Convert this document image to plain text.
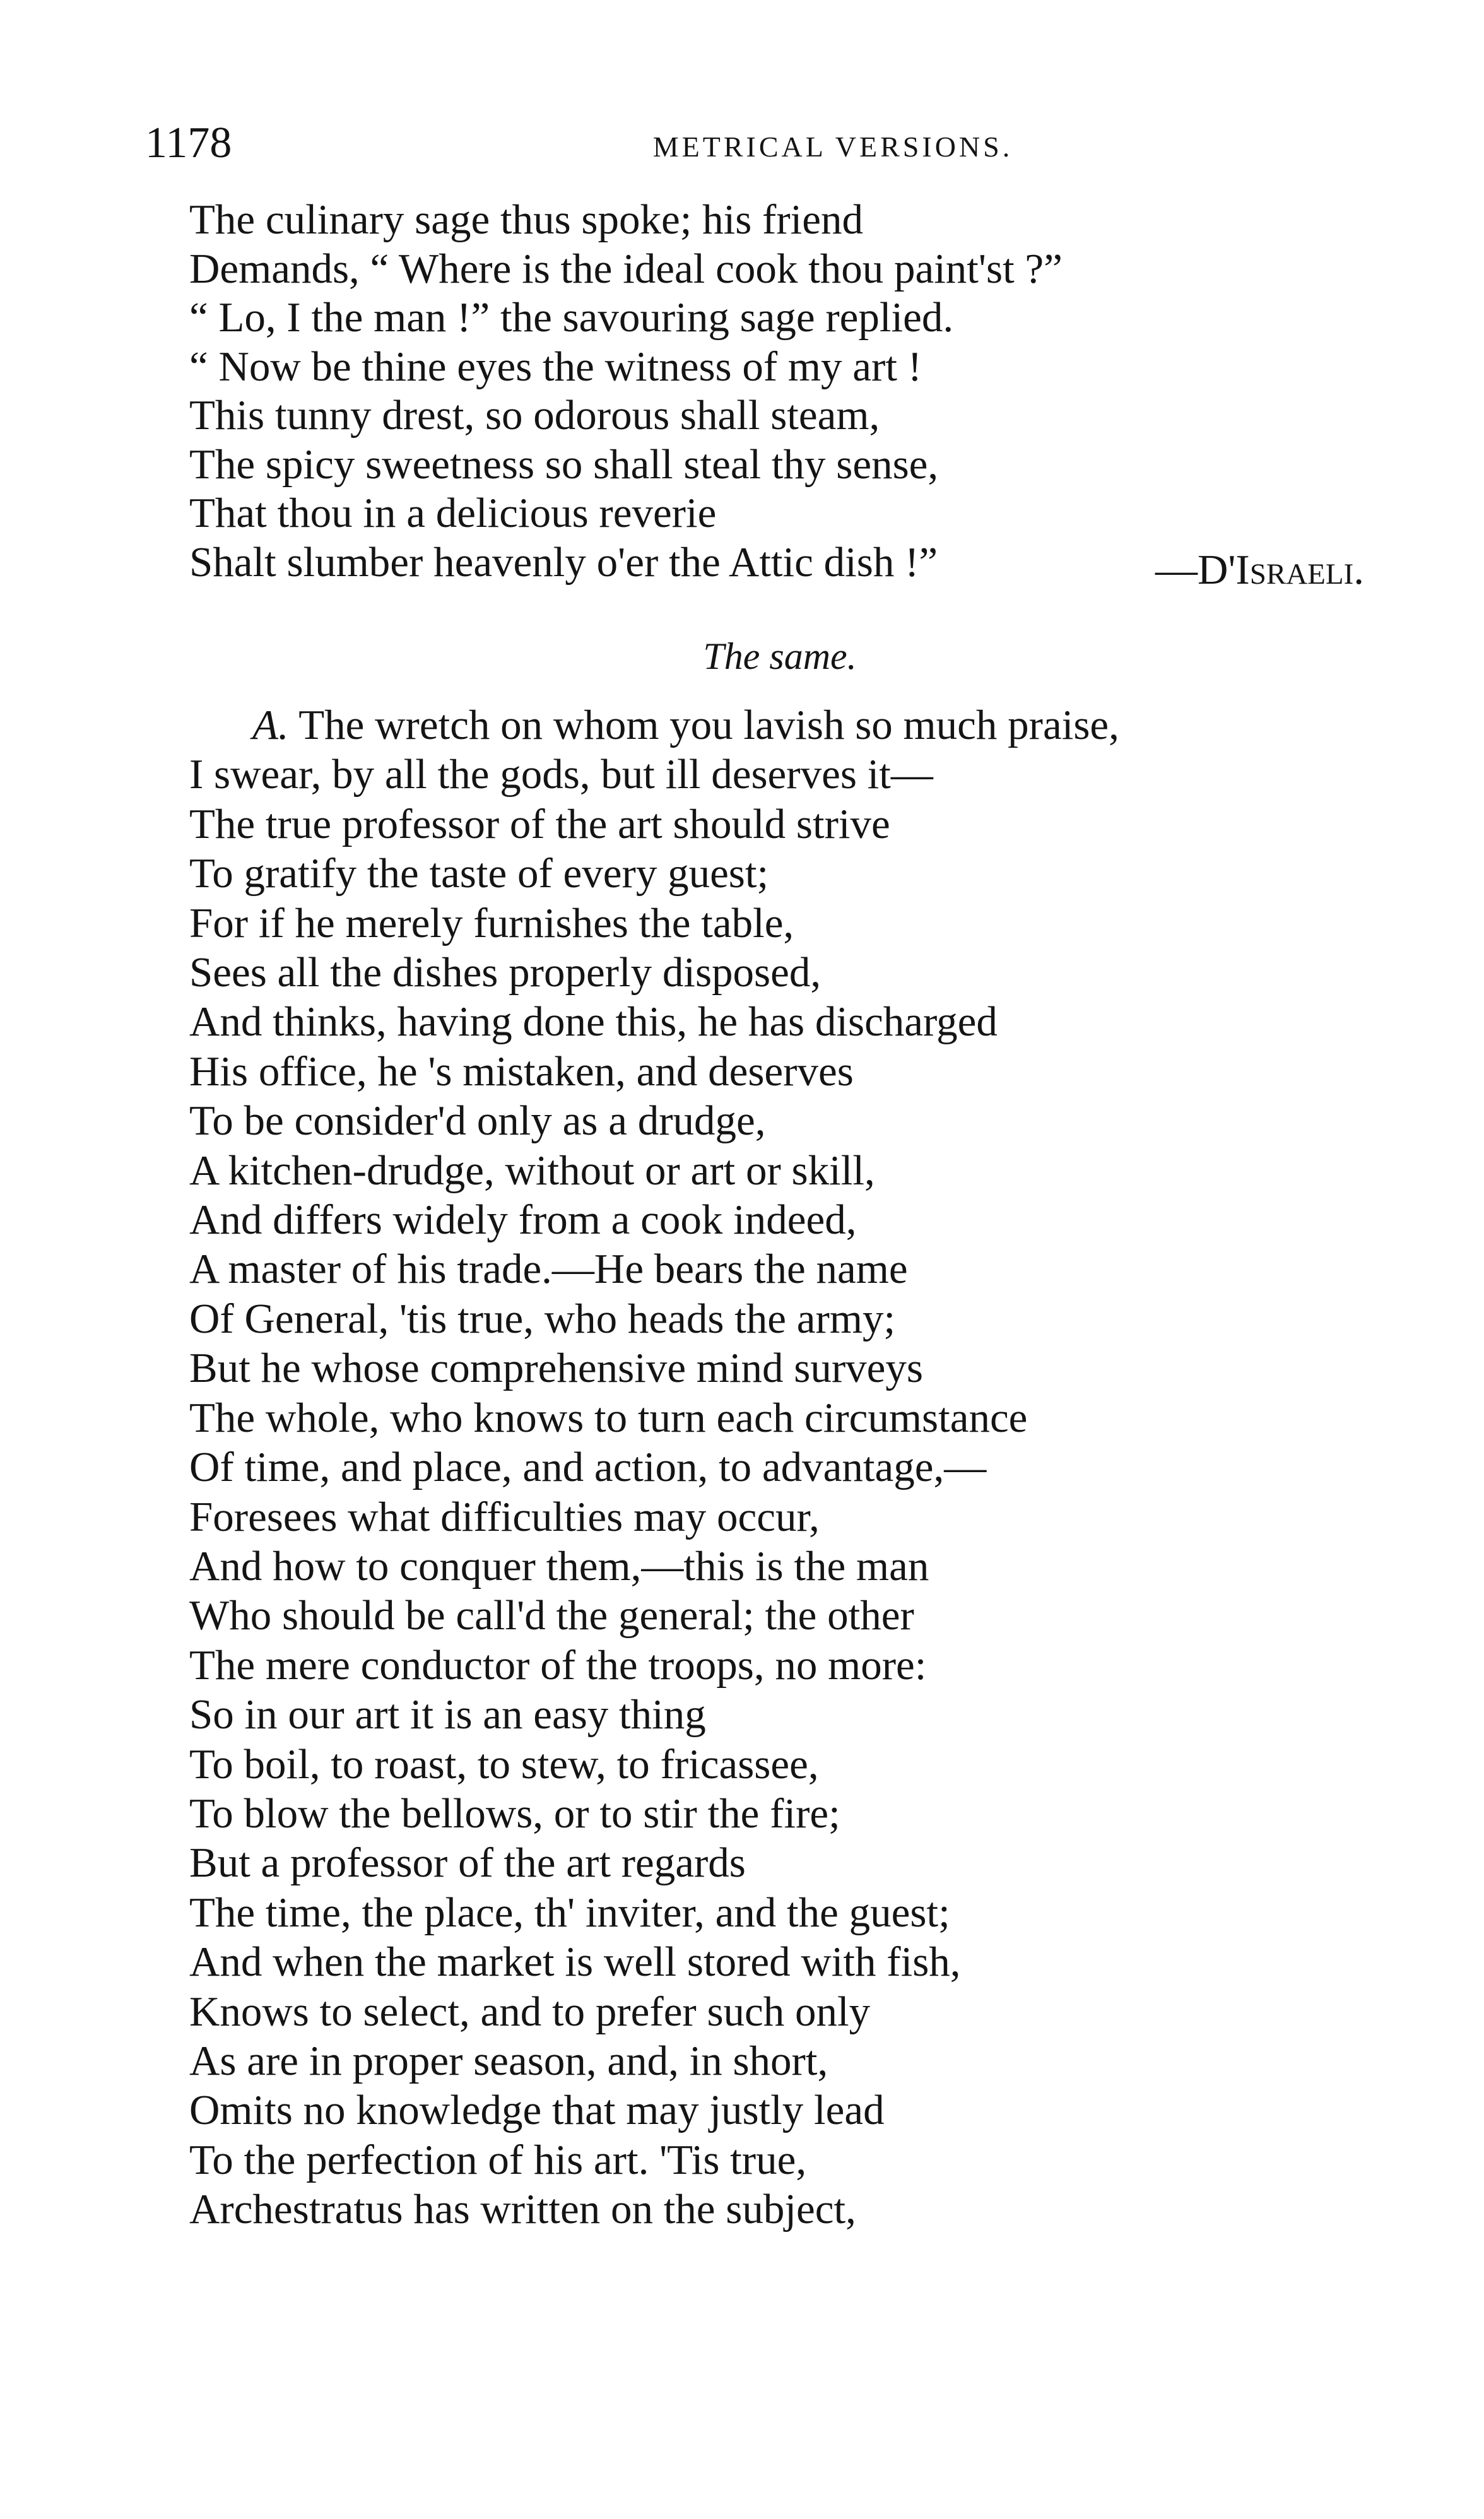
1178	METRICAL VERSIONS.
The culinary sage thus spoke; his friend
Demands, “ Where is the ideal cook thou paint'st ?”
“ Lo, I the man !” the savouring sage replied.
“ Now be thine eyes the witness of my art !
This tunny drest, so odorous shall steam,
The spicy sweetness so shall steal thy sense,
That thou in a delicious reverie
Shalt slumber heavenly o'er the Attic dish !”	—D'Israeli.
The same.
A. The wretch on whom you lavish so much praise,
I swear, by all the gods, but ill deserves it—
The true professor of the art should strive
To gratify the taste of every guest;
For if he merely furnishes the table,
Sees all the dishes properly disposed,
And thinks, having done this, he has discharged
His office, he 's mistaken, and deserves
To be consider'd only as a drudge,
A kitchen-drudge, without or art or skill,
And differs widely from a cook indeed,
A master of his trade.—He bears the name
Of General, 'tis true, who heads the army;
But he whose comprehensive mind surveys
The whole, who knows to turn each circumstance
Of time, and place, and action, to advantage,—
Foresees what difficulties may occur,
And how to conquer them,—this is the man
Who should be call'd the general; the other
The mere conductor of the troops, no more:
So in our art it is an easy thing
To boil, to roast, to stew, to fricassee,
To blow the bellows, or to stir the fire;
But a professor of the art regards
The time, the place, th' inviter, and the guest;
And when the market is well stored with fish,
Knows to select, and to prefer such only
As are in proper season, and, in short,
Omits no knowledge that may justly lead
To the perfection of his art. 'Tis true,
Archestratus has written on the subject,
